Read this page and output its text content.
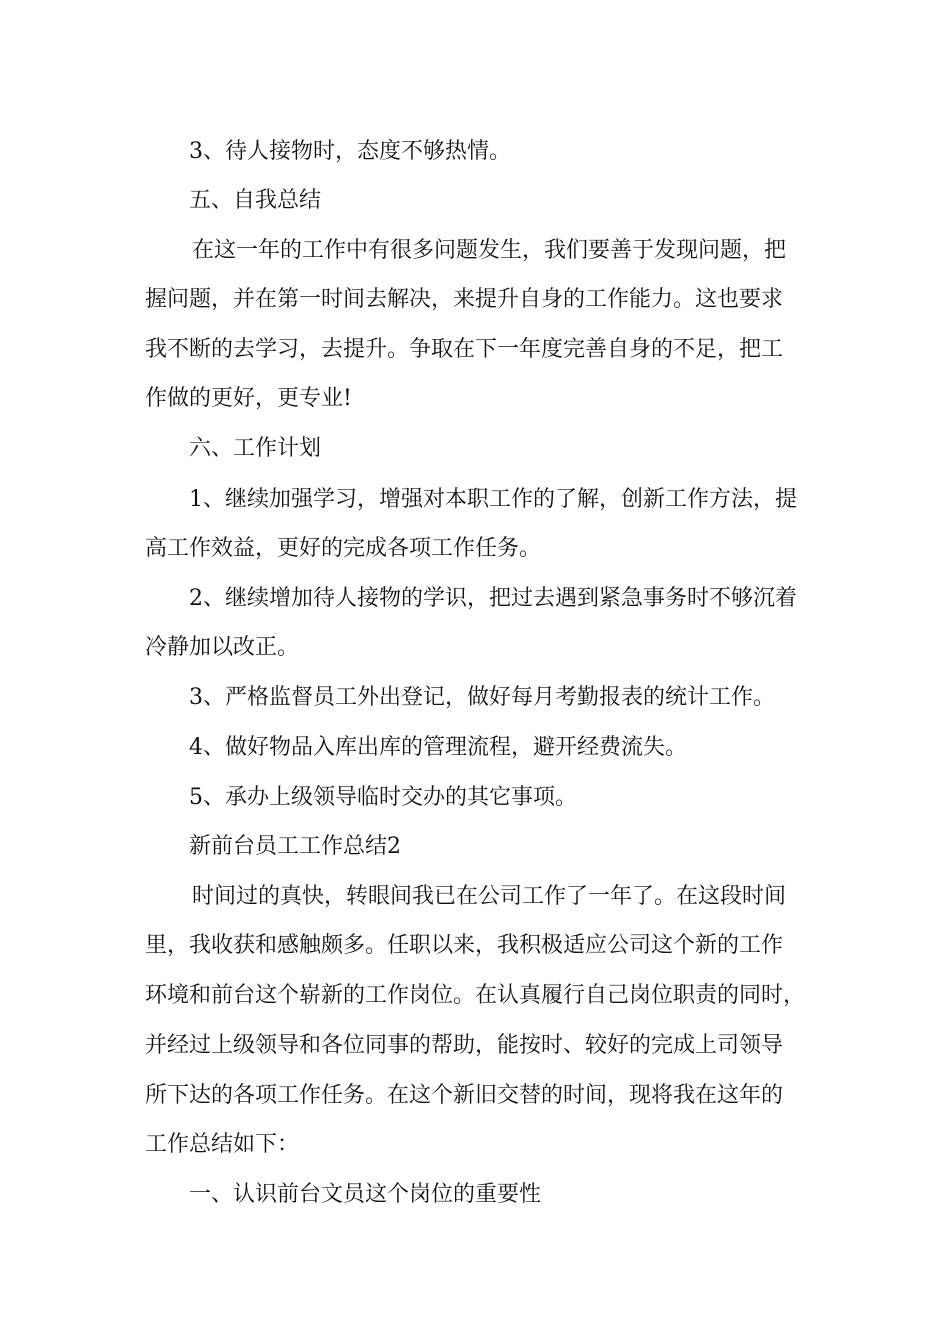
3、待人接物时，态度不够热情。
五、自我总结
在这一年的工作中有很多问题发生，我们要善于发现问题，把
握问题，并在第一时间去解决，来提升自身的工作能力。这也要求
我不断的去学习，去提升。争取在下一年度完善自身的不足，把工
作做的更好，更专业!
六、工作计划
1、继续加强学习，增强对本职工作的了解，创新工作方法，提
高工作效益，更好的完成各项工作任务。
2、继续增加待人接物的学识，把过去遇到紧急事务时不够沉着
冷静加以改正。
3、严格监督员工外出登记，做好每月考勤报表的统计工作。
4、做好物品入库出库的管理流程，避开经费流失。
5、承办上级领导临时交办的其它事项。
新前台员工工作总结2
时间过的真快，转眼间我已在公司工作了一年了。在这段时间
里，我收获和感触颇多。任职以来，我积极适应公司这个新的工作
环境和前台这个崭新的工作岗位。在认真履行自己岗位职责的同时，
并经过上级领导和各位同事的帮助，能按时、较好的完成上司领导
所下达的各项工作任务。在这个新旧交替的时间，现将我在这年的
工作总结如下：
一、认识前台文员这个岗位的重要性
